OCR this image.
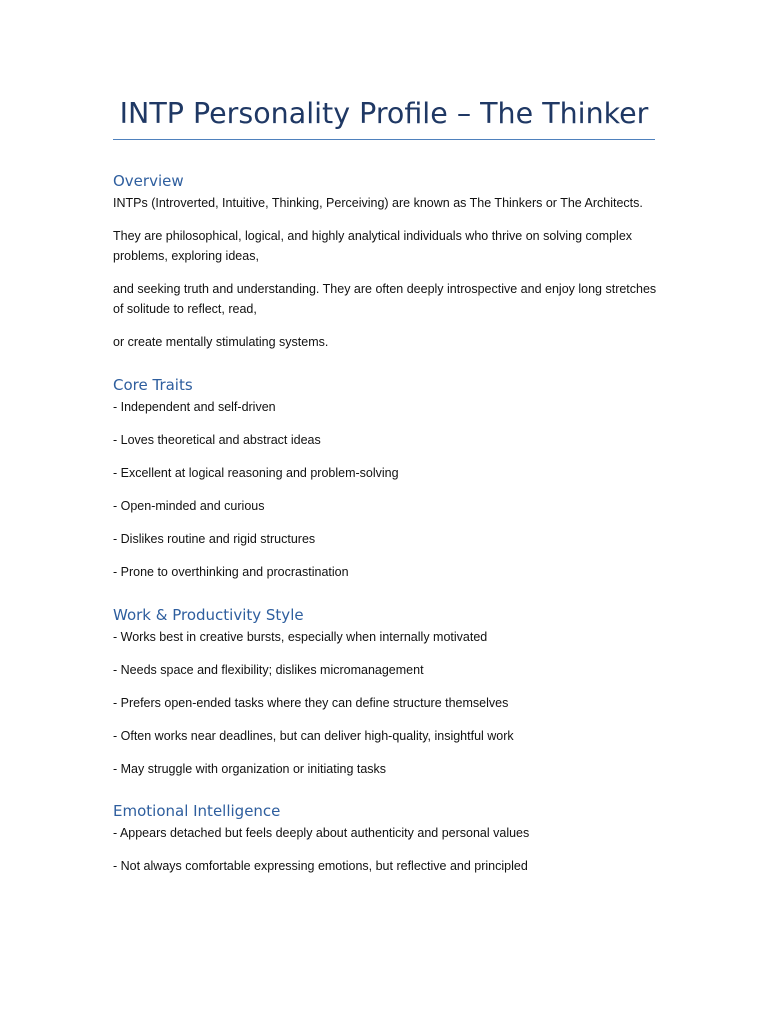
INTP Personality Profile – The Thinker
Overview

INTPs (Introverted, Intuitive, Thinking, Perceiving) are known as The Thinkers or The Architects.

They are philosophical, logical, and highly analytical individuals who thrive on solving complex problems, exploring ideas,

and seeking truth and understanding. They are often deeply introspective and enjoy long stretches of solitude to reflect, read,

or create mentally stimulating systems.

Core Traits

- Independent and self-driven

- Loves theoretical and abstract ideas

- Excellent at logical reasoning and problem-solving

- Open-minded and curious

- Dislikes routine and rigid structures

- Prone to overthinking and procrastination

Work & Productivity Style

- Works best in creative bursts, especially when internally motivated

- Needs space and flexibility; dislikes micromanagement

- Prefers open-ended tasks where they can define structure themselves

- Often works near deadlines, but can deliver high-quality, insightful work

- May struggle with organization or initiating tasks

Emotional Intelligence

- Appears detached but feels deeply about authenticity and personal values

- Not always comfortable expressing emotions, but reflective and principled
